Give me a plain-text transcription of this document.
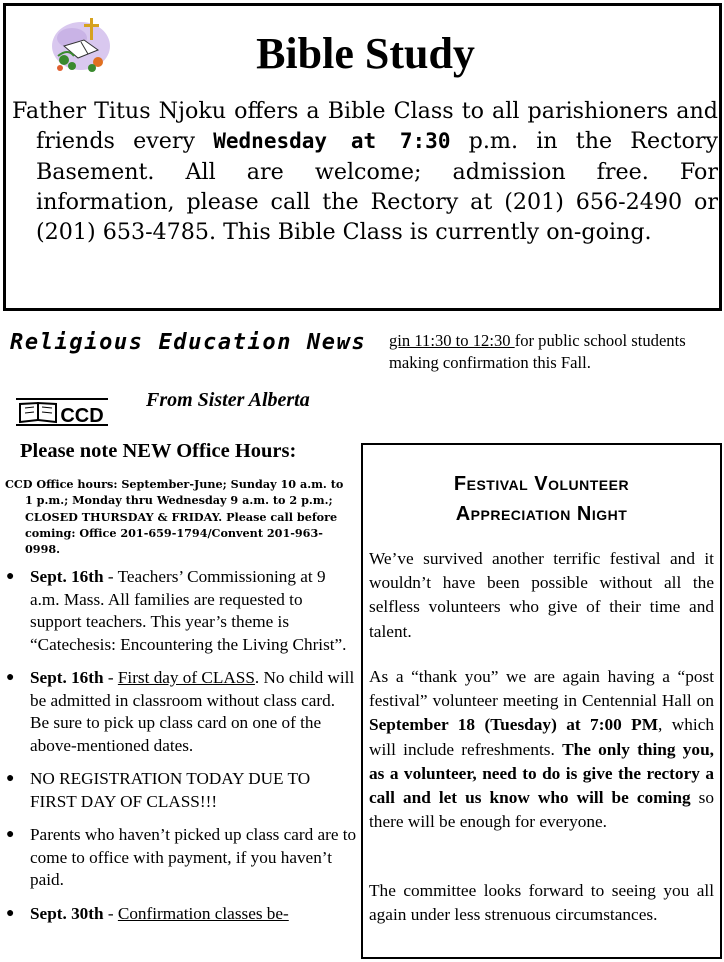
Bible Study

Father Titus Njoku offers a Bible Class to all parishioners and friends every Wednesday at 7:30 p.m. in the Rectory Basement. All are welcome; admission free. For information, please call the Rectory at (201) 656-2490 or (201) 653-4785. This Bible Class is currently on-going.

Religious Education News
CCD
From Sister Alberta
Please note NEW Office Hours:

CCD Office hours: September-June; Sunday 10 a.m. to 1 p.m.; Monday thru Wednesday 9 a.m. to 2 p.m.; CLOSED THURSDAY & FRIDAY. Please call before coming: Office 201-659-1794/Convent 201-963-0998.

● Sept. 16th - Teachers’ Commissioning at 9 a.m. Mass. All families are requested to support teachers. This year’s theme is “Catechesis: Encountering the Living Christ”.
● Sept. 16th - First day of CLASS. No child will be admitted in classroom without class card. Be sure to pick up class card on one of the above-mentioned dates.
● NO REGISTRATION TODAY DUE TO FIRST DAY OF CLASS!!!
● Parents who haven’t picked up class card are to come to office with payment, if you haven’t paid.
● Sept. 30th - Confirmation classes be-

gin 11:30 to 12:30 for public school students making confirmation this Fall.

Festival Volunteer
Appreciation Night

We’ve survived another terrific festival and it wouldn’t have been possible without all the selfless volunteers who give of their time and talent.

As a “thank you” we are again having a “post festival” volunteer meeting in Centennial Hall on September 18 (Tuesday) at 7:00 PM, which will include refreshments. The only thing you, as a volunteer, need to do is give the rectory a call and let us know who will be coming so there will be enough for everyone.

The committee looks forward to seeing you all again under less strenuous circumstances.
